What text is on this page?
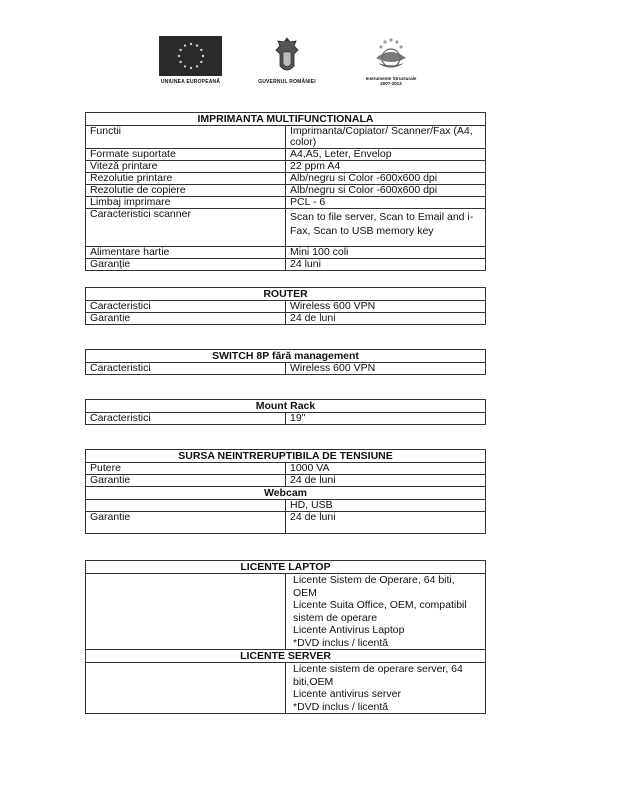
UNIUNEA EUROPEANĂ	GUVERNUL ROMÂNIEI
Instrumente Structurale
2007-2013
IMPRIMANTA MULTIFUNCTIONALA	
Functii	Imprimanta/Copiator/ Scanner/Fax (A4, color)
Formate suportate	A4,A5, Leter, Envelop
Viteză printare	22 ppm A4
Rezolutie printare	Alb/negru si Color -600x600 dpi
Rezolutie de copiere	Alb/negru si Color -600x600 dpi
Limbaj imprimare	PCL - 6
Caracteristici scanner	Scan to file server, Scan to Email and i-Fax, Scan to USB memory key
Alimentare hartie	Mini 100 coli
Garanție	24 luni
ROUTER	
Caracteristici	Wireless 600 VPN
Garantie	24 de luni
SWITCH 8P fără management
Caracteristici	Wireless 600 VPN
Mount Rack
Caracteristici	19"
SURSA NEINTRERUPTIBILA DE TENSIUNE	
Putere	1000 VA
Garantie	24 de luni
Webcam	
	HD, USB
Garantie	24 de luni
LICENTE LAPTOP	

	Licente Sistem de Operare, 64 biti, OEM
Licente Suita Office, OEM, compatibil sistem de operare
Licente Antivirus Laptop
*DVD inclus / licentă

LICENTE SERVER	

	Licente sistem de operare server, 64 biti,OEM
Licente antivirus server
*DVD inclus / licentă
